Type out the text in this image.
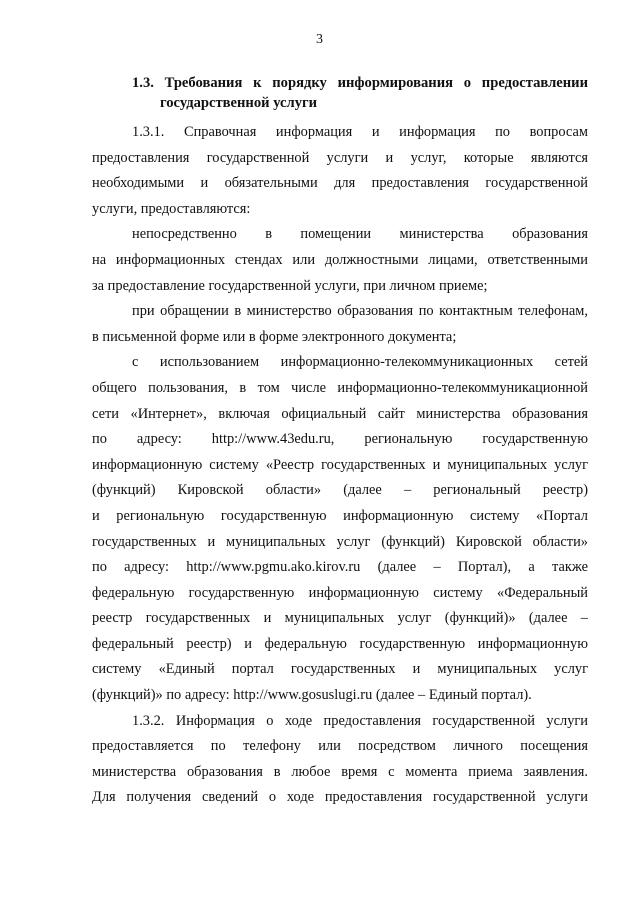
3
1.3. Требования к порядку информирования о предоставлении
государственной услуги

1.3.1. Справочная информация и информация по вопросам
предоставления государственной услуги и услуг, которые являются
необходимыми и обязательными для предоставления государственной
услуги, предоставляются:

непосредственно в помещении министерства образования
на информационных стендах или должностными лицами, ответственными
за предоставление государственной услуги, при личном приеме;

при обращении в министерство образования по контактным телефонам,
в письменной форме или в форме электронного документа;

с использованием информационно-телекоммуникационных сетей
общего пользования, в том числе информационно-телекоммуникационной
сети «Интернет», включая официальный сайт министерства образования
по адресу: http://www.43edu.ru, региональную государственную
информационную систему «Реестр государственных и муниципальных услуг
(функций) Кировской области» (далее – региональный реестр)
и региональную государственную информационную систему «Портал
государственных и муниципальных услуг (функций) Кировской области»
по адресу: http://www.pgmu.ako.kirov.ru (далее – Портал), а также
федеральную государственную информационную систему «Федеральный
реестр государственных и муниципальных услуг (функций)» (далее –
федеральный реестр) и федеральную государственную информационную
систему «Единый портал государственных и муниципальных услуг
(функций)» по адресу: http://www.gosuslugi.ru (далее – Единый портал).

1.3.2. Информация о ходе предоставления государственной услуги
предоставляется по телефону или посредством личного посещения
министерства образования в любое время с момента приема заявления.
Для получения сведений о ходе предоставления государственной услуги
